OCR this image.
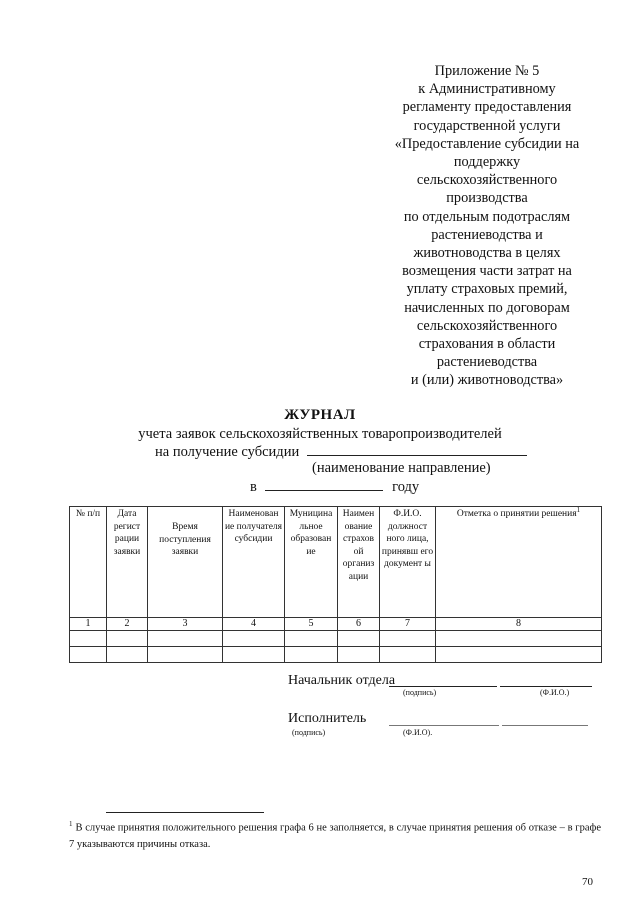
Приложение № 5
к Административному
регламенту предоставления
государственной услуги
«Предоставление субсидии на
поддержку
сельскохозяйственного
производства
по отдельным подотраслям
растениеводства и
животноводства в целях
возмещения части затрат на
уплату страховых премий,
начисленных по договорам
сельскохозяйственного
страхования в области
растениеводства
и (или) животноводства»
ЖУРНАЛ
учета заявок сельскохозяйственных товаропроизводителей
на получение субсидии
(наименование направление)
в	году
№ п/п	Дата регист рации заявки	Время поступления заявки	Наименован ие получателя субсидии	Муницина льное образован ие	Наимен ование страхов ой организ ации	Ф.И.О. должност ного лица, принявш его документ ы	Отметка о принятии решения$^1$
1	2	3	4	5	6	7	8

Начальник отдела
(подпись)	(Ф.И.О.)
Исполнитель
(подпись)	(Ф.И.О).
$^1$ В случае принятия положительного решения графа 6 не заполняется, в случае принятия решения об отказе – в графе 7 указываются причины отказа.
70
